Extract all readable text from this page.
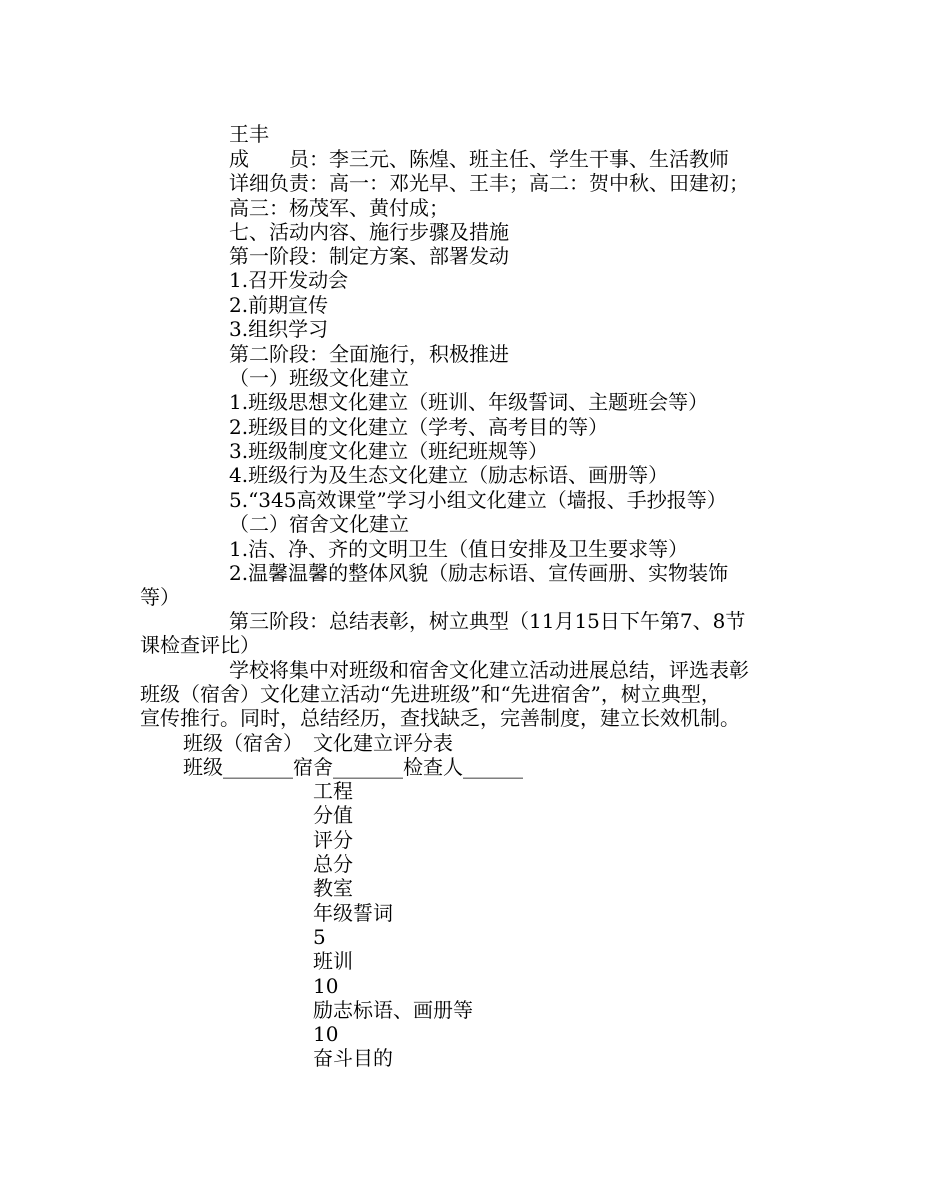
王丰
成　　员：李三元、陈煌、班主任、学生干事、生活教师
详细负责：高一：邓光早、王丰；高二：贺中秋、田建初；
高三：杨茂军、黄付成；
七、活动内容、施行步骤及措施
第一阶段：制定方案、部署发动
1.召开发动会
2.前期宣传
3.组织学习
第二阶段：全面施行，积极推进
（一）班级文化建立
1.班级思想文化建立（班训、年级誓词、主题班会等）
2.班级目的文化建立（学考、高考目的等）
3.班级制度文化建立（班纪班规等）
4.班级行为及生态文化建立（励志标语、画册等）
5.“345高效课堂”学习小组文化建立（墙报、手抄报等）
（二）宿舍文化建立
1.洁、净、齐的文明卫生（值日安排及卫生要求等）
2.温馨温馨的整体风貌（励志标语、宣传画册、实物装饰
等）
第三阶段：总结表彰，树立典型（11月15日下午第7、8节
课检查评比）
学校将集中对班级和宿舍文化建立活动进展总结，评选表彰
班级（宿舍）文化建立活动“先进班级”和“先进宿舍”，树立典型，
宣传推行。同时，总结经历，查找缺乏，完善制度，建立长效机制。
班级（宿舍）　文化建立评分表
班级_______宿舍_______检查人______
工程
分值
评分
总分
教室
年级誓词
5
班训
10
励志标语、画册等
10
奋斗目的
